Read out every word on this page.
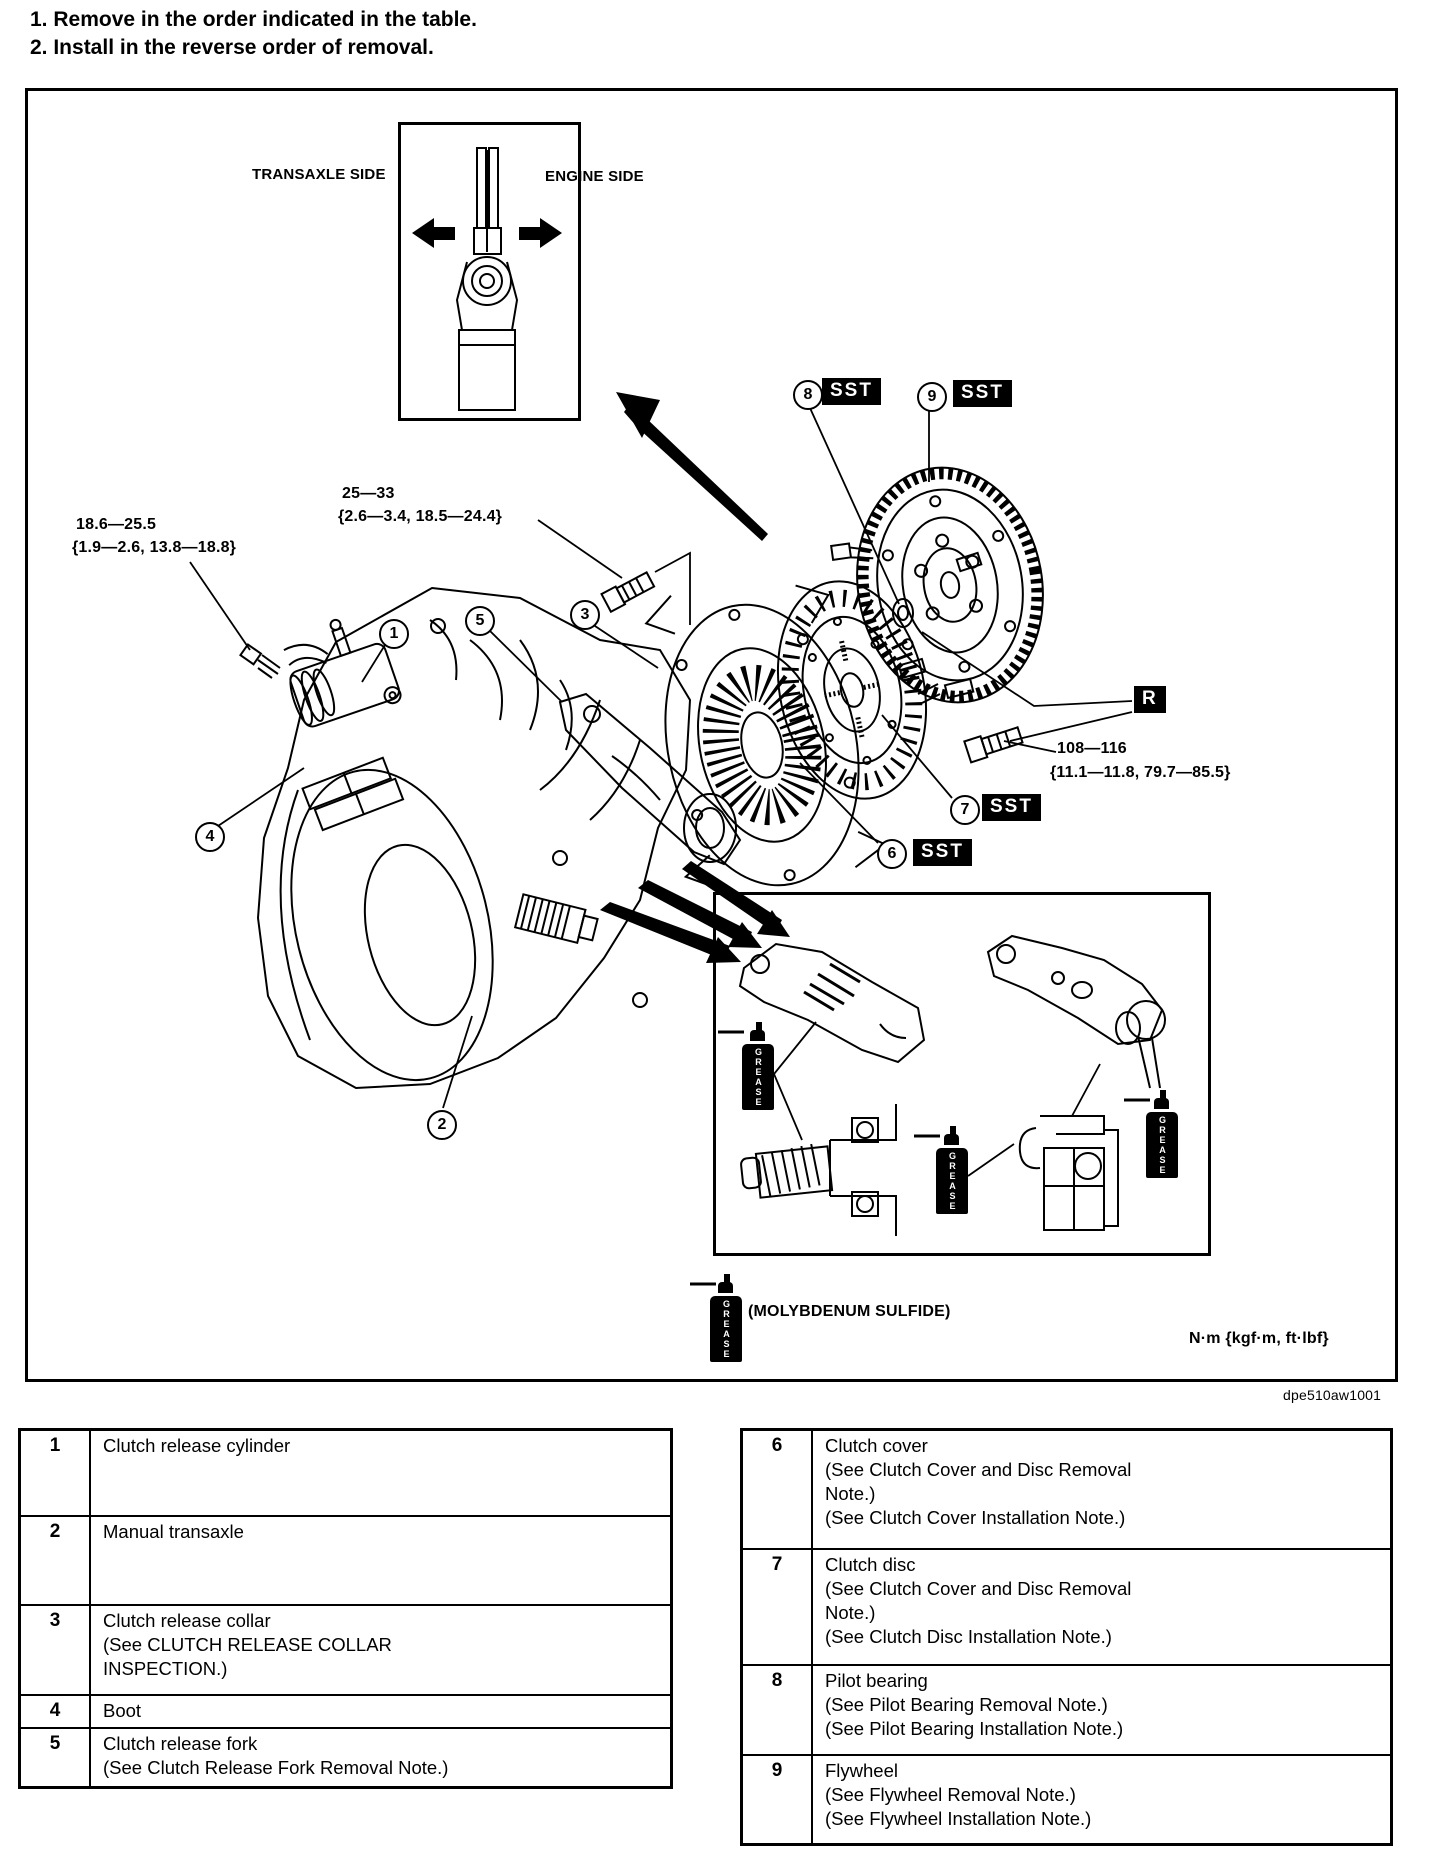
1. Remove in the order indicated in the table.
2. Install in the reverse order of removal.
TRANSAXLE SIDE	ENGINE SIDE
18.6—25.5
{1.9—2.6, 13.8—18.8}
25—33
{2.6—3.4, 18.5—24.4}
108—116
{11.1—11.8, 79.7—85.5}
1
2
3
4
5
6
7
8	9
SST	SST
SST
SST
R
GREASE
GREASE
GREASE
GREASE (MOLYBDENUM SULFIDE)
N·m {kgf·m, ft·lbf}
dpe510aw1001
1	Clutch release cylinder
2	Manual transaxle
3	Clutch release collar
(See CLUTCH RELEASE COLLAR
INSPECTION.)
4	Boot
5	Clutch release fork
(See Clutch Release Fork Removal Note.)
6	Clutch cover
(See Clutch Cover and Disc Removal
Note.)
(See Clutch Cover Installation Note.)
7	Clutch disc
(See Clutch Cover and Disc Removal
Note.)
(See Clutch Disc Installation Note.)
8	Pilot bearing
(See Pilot Bearing Removal Note.)
(See Pilot Bearing Installation Note.)
9	Flywheel
(See Flywheel Removal Note.)
(See Flywheel Installation Note.)
